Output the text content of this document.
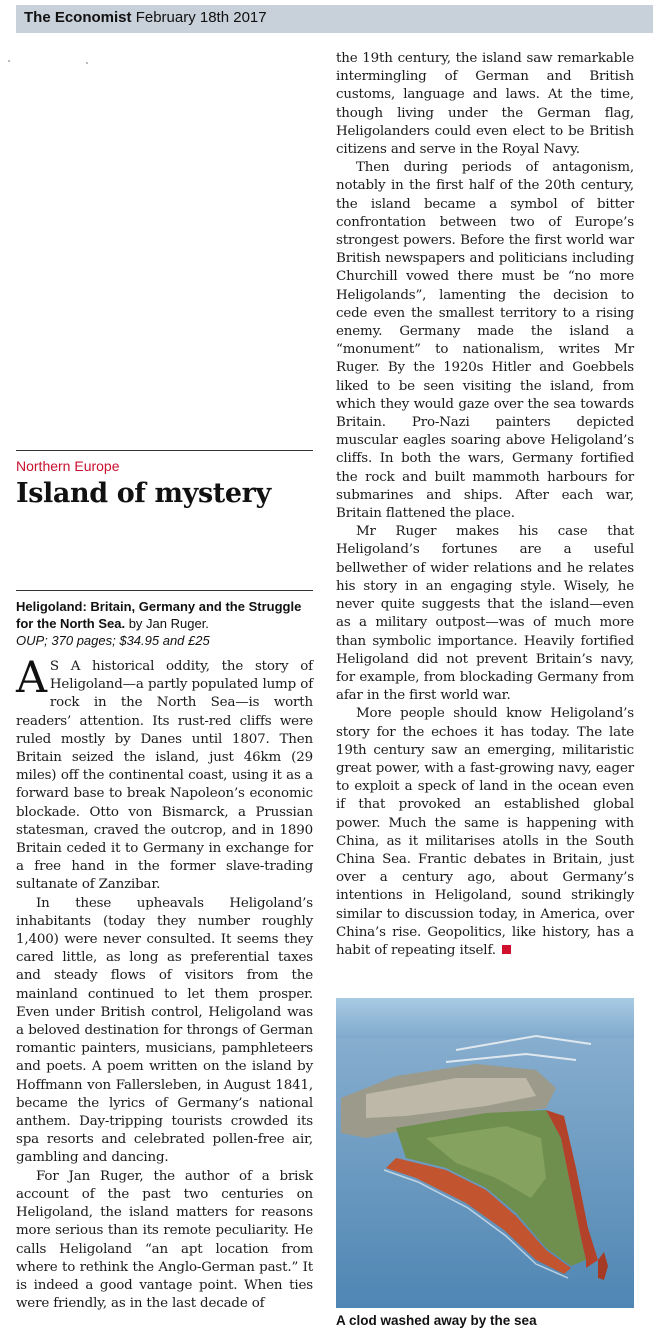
The Economist February 18th 2017
Northern Europe
Island of mystery
Heligoland: Britain, Germany and the Struggle for the North Sea. by Jan Ruger.
OUP; 370 pages; $34.95 and £25

A S A historical oddity, the story of Heligoland—a partly populated lump of rock in the North Sea—is worth readers’ attention. Its rust-red cliffs were ruled mostly by Danes until 1807. Then Britain seized the island, just 46km (29 miles) off the continental coast, using it as a forward base to break Napoleon’s economic blockade. Otto von Bismarck, a Prussian statesman, craved the outcrop, and in 1890 Britain ceded it to Germany in exchange for a free hand in the former slave-trading sultanate of Zanzibar.

In these upheavals Heligoland’s inhabitants (today they number roughly 1,400) were never consulted. It seems they cared little, as long as preferential taxes and steady flows of visitors from the mainland continued to let them prosper. Even under British control, Heligoland was a beloved destination for throngs of German romantic painters, musicians, pamphleteers and poets. A poem written on the island by Hoffmann von Fallersleben, in August 1841, became the lyrics of Germany’s national anthem. Day-tripping tourists crowded its spa resorts and celebrated pollen-free air, gambling and dancing.

For Jan Ruger, the author of a brisk account of the past two centuries on Heligoland, the island matters for reasons more serious than its remote peculiarity. He calls Heligoland “an apt location from where to rethink the Anglo-German past.” It is indeed a good vantage point. When ties were friendly, as in the last decade of

the 19th century, the island saw remarkable intermingling of German and British customs, language and laws. At the time, though living under the German flag, Heligolanders could even elect to be British citizens and serve in the Royal Navy.

Then during periods of antagonism, notably in the first half of the 20th century, the island became a symbol of bitter confrontation between two of Europe’s strongest powers. Before the first world war British newspapers and politicians including Churchill vowed there must be “no more Heligolands”, lamenting the decision to cede even the smallest territory to a rising enemy. Germany made the island a “monument” to nationalism, writes Mr Ruger. By the 1920s Hitler and Goebbels liked to be seen visiting the island, from which they would gaze over the sea towards Britain. Pro-Nazi painters depicted muscular eagles soaring above Heligoland’s cliffs. In both the wars, Germany fortified the rock and built mammoth harbours for submarines and ships. After each war, Britain flattened the place.

Mr Ruger makes his case that Heligoland’s fortunes are a useful bellwether of wider relations and he relates his story in an engaging style. Wisely, he never quite suggests that the island—even as a military outpost—was of much more than symbolic importance. Heavily fortified Heligoland did not prevent Britain’s navy, for example, from blockading Germany from afar in the first world war.

More people should know Heligoland’s story for the echoes it has today. The late 19th century saw an emerging, militaristic great power, with a fast-growing navy, eager to exploit a speck of land in the ocean even if that provoked an established global power. Much the same is happening with China, as it militarises atolls in the South China Sea. Frantic debates in Britain, just over a century ago, about Germany’s intentions in Heligoland, sound strikingly similar to discussion today, in America, over China’s rise. Geopolitics, like history, has a habit of repeating itself.

A clod washed away by the sea
